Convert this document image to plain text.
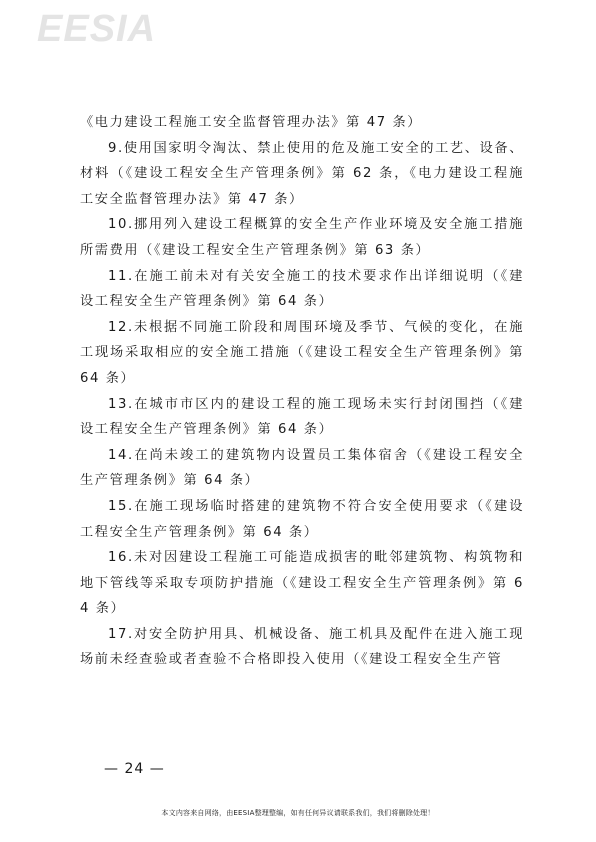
EESIA

《电力建设工程施工安全监督管理办法》第 47 条）

9.使用国家明令淘汰、禁止使用的危及施工安全的工艺、设备、材料（《建设工程安全生产管理条例》第 62 条，《电力建设工程施工安全监督管理办法》第 47 条）

10.挪用列入建设工程概算的安全生产作业环境及安全施工措施所需费用（《建设工程安全生产管理条例》第 63 条）

11.在施工前未对有关安全施工的技术要求作出详细说明（《建设工程安全生产管理条例》第 64 条）

12.未根据不同施工阶段和周围环境及季节、气候的变化，在施工现场采取相应的安全施工措施（《建设工程安全生产管理条例》第 64 条）

13.在城市市区内的建设工程的施工现场未实行封闭围挡（《建设工程安全生产管理条例》第 64 条）

14.在尚未竣工的建筑物内设置员工集体宿舍（《建设工程安全生产管理条例》第 64 条）

15.在施工现场临时搭建的建筑物不符合安全使用要求（《建设工程安全生产管理条例》第 64 条）

16.未对因建设工程施工可能造成损害的毗邻建筑物、构筑物和地下管线等采取专项防护措施（《建设工程安全生产管理条例》第 64 条）

17.对安全防护用具、机械设备、施工机具及配件在进入施工现场前未经查验或者查验不合格即投入使用（《建设工程安全生产管

— 24 —
本文内容来自网络，由EESIA整理整编，如有任何异议请联系我们，我们将删除处理！
